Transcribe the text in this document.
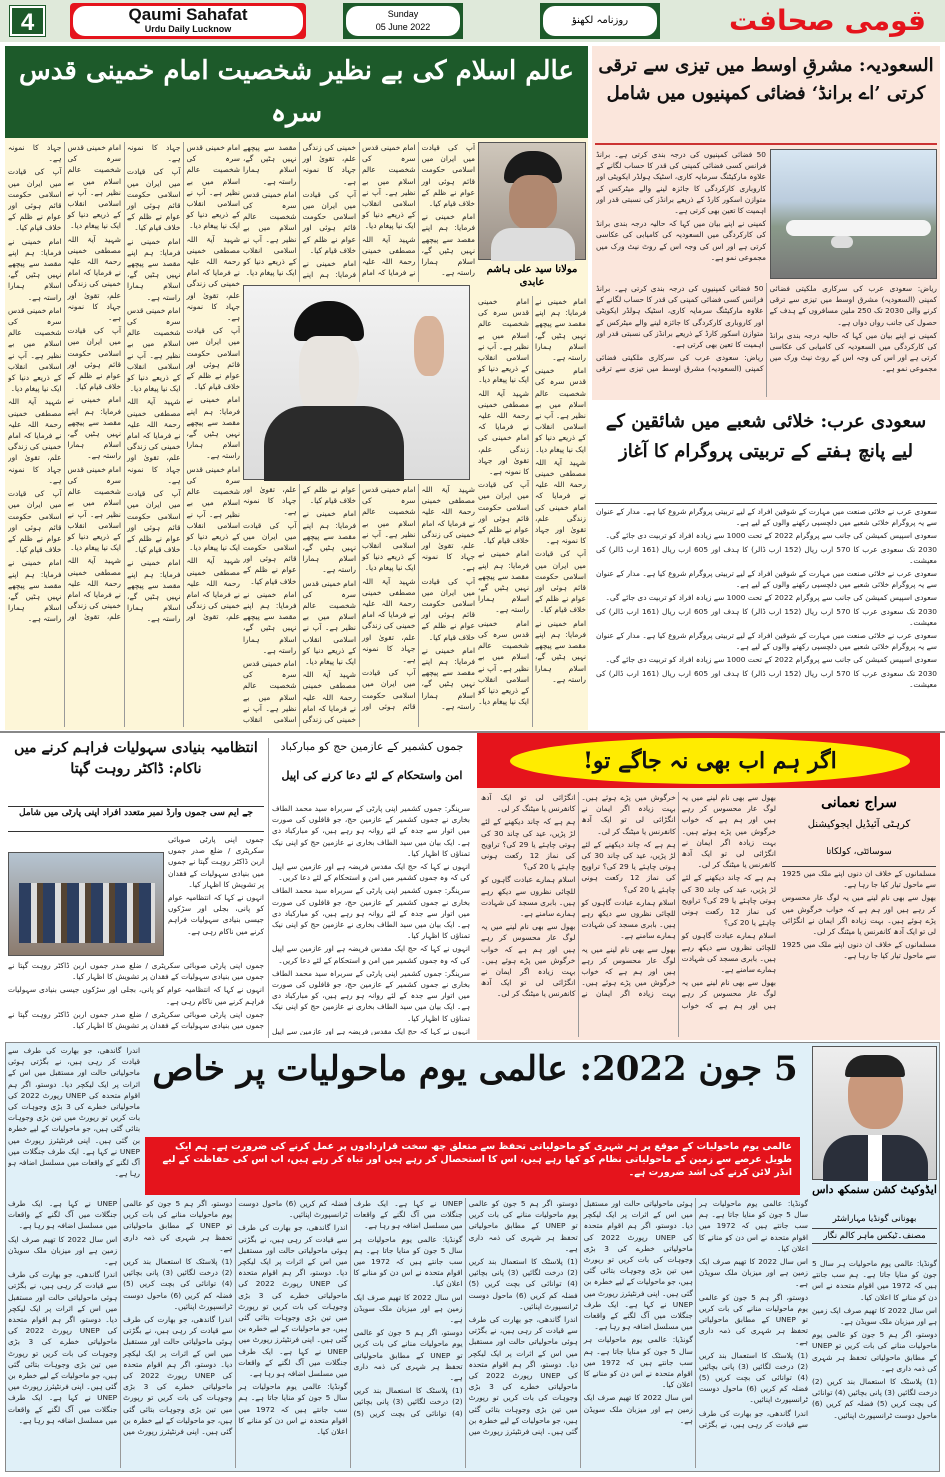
4	Qaumi Sahafat
Urdu Daily Lucknow
Sunday
05 June 2022
روزنامہ لکھنؤ	قومی صحافت
عالم اسلام کی بے نظیر شخصیت امام خمینی قدس سرہ
مولانا سید علی ہاشم عابدی

امام خمینی قدس سرہ کی شخصیت عالم اسلام میں بے نظیر ہے۔ آپ نے اسلامی انقلاب کے ذریعے دنیا کو ایک نیا پیغام دیا۔

شہید آیۃ اللہ مصطفی خمینی رحمۃ اللہ علیہ نے فرمایا کہ امام خمینی کی زندگی علم، تقویٰ اور جہاد کا نمونہ ہے۔

آپ کی قیادت میں ایران میں اسلامی حکومت قائم ہوئی اور عوام نے ظلم کے خلاف قیام کیا۔

امام خمینی نے فرمایا: ہم اپنے مقصد سے پیچھے نہیں ہٹیں گے، اسلام ہمارا راستہ ہے۔

امام خمینی قدس سرہ کی شخصیت عالم اسلام میں بے نظیر ہے۔ آپ نے اسلامی انقلاب کے ذریعے دنیا کو ایک نیا پیغام دیا۔

شہید آیۃ اللہ مصطفی خمینی رحمۃ اللہ علیہ نے فرمایا کہ امام خمینی کی زندگی علم، تقویٰ اور جہاد کا نمونہ ہے۔

آپ کی قیادت میں ایران میں اسلامی حکومت قائم ہوئی اور عوام نے ظلم کے خلاف قیام کیا۔

امام خمینی نے فرمایا: ہم اپنے مقصد سے پیچھے نہیں ہٹیں گے، اسلام ہمارا راستہ ہے۔

امام خمینی قدس سرہ کی شخصیت عالم اسلام میں بے نظیر ہے۔ آپ نے اسلامی انقلاب کے ذریعے دنیا کو ایک نیا پیغام دیا۔

شہید آیۃ اللہ مصطفی خمینی رحمۃ اللہ علیہ نے فرمایا کہ امام خمینی کی زندگی علم، تقویٰ اور جہاد کا نمونہ ہے۔

آپ کی قیادت میں ایران میں اسلامی حکومت قائم ہوئی اور عوام نے ظلم کے خلاف قیام کیا۔

امام خمینی نے فرمایا: ہم اپنے مقصد سے پیچھے نہیں ہٹیں گے، اسلام ہمارا راستہ ہے۔

امام خمینی قدس سرہ کی شخصیت عالم اسلام میں بے نظیر ہے۔ آپ نے اسلامی انقلاب کے ذریعے دنیا کو ایک نیا پیغام دیا۔

شہید آیۃ اللہ مصطفی خمینی رحمۃ اللہ علیہ نے فرمایا کہ امام خمینی کی زندگی علم، تقویٰ اور جہاد کا نمونہ ہے۔

آپ کی قیادت میں ایران میں اسلامی حکومت قائم ہوئی اور عوام نے ظلم کے خلاف قیام کیا۔

امام خمینی نے فرمایا: ہم اپنے مقصد سے پیچھے نہیں ہٹیں گے، اسلام ہمارا راستہ ہے۔

امام خمینی قدس سرہ کی شخصیت عالم اسلام میں بے نظیر ہے۔ آپ نے اسلامی انقلاب کے ذریعے دنیا کو ایک نیا پیغام دیا۔

شہید آیۃ اللہ مصطفی خمینی رحمۃ اللہ علیہ نے فرمایا کہ امام خمینی کی زندگی علم، تقویٰ اور جہاد کا نمونہ ہے۔

آپ کی قیادت میں ایران میں اسلامی حکومت قائم ہوئی اور عوام نے ظلم کے خلاف قیام کیا۔

امام خمینی نے فرمایا: ہم اپنے مقصد سے پیچھے نہیں ہٹیں گے، اسلام ہمارا راستہ ہے۔

امام خمینی قدس سرہ کی شخصیت عالم اسلام میں بے نظیر ہے۔ آپ نے اسلامی انقلاب کے ذریعے دنیا کو ایک نیا پیغام دیا۔

شہید آیۃ اللہ مصطفی خمینی رحمۃ اللہ علیہ نے فرمایا کہ امام خمینی کی زندگی علم، تقویٰ اور جہاد کا نمونہ ہے۔

آپ کی قیادت میں ایران میں اسلامی حکومت قائم ہوئی اور عوام نے ظلم کے خلاف قیام کیا۔

امام خمینی نے فرمایا: ہم اپنے مقصد سے پیچھے نہیں ہٹیں گے، اسلام ہمارا راستہ ہے۔

آپ کی قیادت میں ایران میں اسلامی حکومت قائم ہوئی اور عوام نے ظلم کے خلاف قیام کیا۔

امام خمینی نے فرمایا: ہم اپنے مقصد سے پیچھے نہیں ہٹیں گے، اسلام ہمارا راستہ ہے۔

امام خمینی قدس سرہ کی شخصیت عالم اسلام میں بے نظیر ہے۔ آپ نے اسلامی انقلاب کے ذریعے دنیا کو ایک نیا پیغام دیا۔

شہید آیۃ اللہ مصطفی خمینی رحمۃ اللہ علیہ نے فرمایا کہ امام خمینی کی زندگی علم، تقویٰ اور جہاد کا نمونہ ہے۔

آپ کی قیادت میں ایران میں اسلامی حکومت قائم ہوئی اور عوام نے ظلم کے خلاف قیام کیا۔

امام خمینی نے فرمایا: ہم اپنے مقصد سے پیچھے نہیں ہٹیں گے، اسلام ہمارا راستہ ہے۔

امام خمینی قدس سرہ کی شخصیت عالم اسلام میں بے نظیر ہے۔ آپ نے اسلامی انقلاب کے ذریعے دنیا کو ایک نیا پیغام دیا۔

شہید آیۃ اللہ مصطفی خمینی رحمۃ اللہ علیہ نے فرمایا کہ امام خمینی کی زندگی علم، تقویٰ اور جہاد کا نمونہ ہے۔

آپ کی قیادت میں ایران میں اسلامی حکومت قائم ہوئی اور عوام نے ظلم کے خلاف قیام کیا۔

امام خمینی نے فرمایا: ہم اپنے مقصد سے پیچھے نہیں ہٹیں گے، اسلام ہمارا راستہ ہے۔

امام خمینی قدس سرہ کی شخصیت عالم اسلام میں بے نظیر ہے۔ آپ نے اسلامی انقلاب کے ذریعے دنیا کو ایک نیا پیغام دیا۔

شہید آیۃ اللہ مصطفی خمینی رحمۃ اللہ علیہ نے فرمایا کہ امام خمینی کی زندگی علم، تقویٰ اور جہاد کا نمونہ ہے۔

آپ کی قیادت میں ایران میں اسلامی حکومت قائم ہوئی اور عوام نے ظلم کے خلاف قیام کیا۔

امام خمینی نے فرمایا: ہم اپنے مقصد سے پیچھے نہیں ہٹیں گے، اسلام ہمارا راستہ ہے۔

امام خمینی قدس سرہ کی شخصیت عالم اسلام میں بے نظیر ہے۔ آپ نے اسلامی انقلاب کے ذریعے دنیا کو ایک نیا پیغام دیا۔

شہید آیۃ اللہ مصطفی خمینی رحمۃ اللہ علیہ نے فرمایا کہ امام خمینی کی زندگی علم، تقویٰ اور جہاد کا نمونہ ہے۔

آپ کی قیادت میں ایران میں اسلامی حکومت قائم ہوئی اور عوام نے ظلم کے خلاف قیام کیا۔

امام خمینی نے فرمایا: ہم اپنے مقصد سے پیچھے نہیں ہٹیں گے، اسلام ہمارا راستہ ہے۔

امام خمینی قدس سرہ کی شخصیت عالم اسلام میں بے نظیر ہے۔ آپ نے اسلامی انقلاب

امام خمینی نے فرمایا: ہم اپنے مقصد سے پیچھے نہیں ہٹیں گے، اسلام ہمارا راستہ ہے۔

امام خمینی قدس سرہ کی شخصیت عالم اسلام میں بے نظیر ہے۔ آپ نے اسلامی انقلاب کے ذریعے دنیا کو ایک نیا پیغام دیا۔

شہید آیۃ اللہ مصطفی خمینی رحمۃ اللہ علیہ نے فرمایا کہ امام خمینی کی زندگی علم، تقویٰ اور جہاد کا نمونہ ہے۔

آپ کی قیادت میں ایران میں اسلامی حکومت قائم ہوئی اور عوام نے ظلم کے خلاف قیام کیا۔

امام خمینی نے فرمایا: ہم اپنے مقصد سے پیچھے نہیں ہٹیں گے، اسلام ہمارا راستہ ہے۔

امام خمینی قدس سرہ کی شخصیت عالم اسلام میں بے نظیر ہے۔ آپ نے اسلامی انقلاب کے ذریعے دنیا کو ایک نیا پیغام دیا۔

شہید آیۃ اللہ مصطفی خمینی رحمۃ اللہ علیہ نے فرمایا کہ امام خمینی کی زندگی علم، تقویٰ اور جہاد کا نمونہ ہے۔

آپ کی قیادت میں ایران میں اسلامی حکومت قائم ہوئی اور عوام نے ظلم کے خلاف قیام کیا۔

امام خمینی نے فرمایا: ہم اپنے مقصد سے پیچھے نہیں ہٹیں گے، اسلام ہمارا راستہ ہے۔

امام خمینی قدس سرہ کی شخصیت عالم اسلام میں بے نظیر ہے۔ آپ نے اسلامی انقلاب کے ذریعے دنیا کو ایک نیا پیغام دیا۔

السعودیہ: مشرقِ اوسط میں تیزی سے ترقی کرتی ’اے برانڈ‘ فضائی کمپنیوں میں شامل

50 فضائی کمپنیوں کی درجہ بندی کرتی ہے۔ برانڈ فرانس کسی فضائی کمپنی کی قدر کا حساب لگانے کے علاوہ مارکیٹنگ سرمایہ کاری، اسٹیک ہولڈر ایکویٹی اور کاروباری کارکردگی کا جائزہ لینے والے میٹرکس کے متوازن اسکور کارڈ کے ذریعے برانڈز کی نسبتی قدر اور اہمیت کا تعین بھی کرتی ہے۔

کمپنی نے اپنے بیان میں کہا کہ حالیہ درجہ بندی برانڈ کی کارکردگی میں السعودیہ کی کامیابی کی عکاسی کرتی ہے اور اس کی وجہ اس کے روٹ نیٹ ورک میں مجموعی نمو ہے۔

ریاض: سعودی عرب کی سرکاری ملکیتی فضائی کمپنی (السعودیہ) مشرق اوسط میں تیزی سے ترقی کرنے والی 2030 تک 250 ملین مسافروں کے ہدف کے حصول کی جانب رواں دواں ہے۔

کمپنی نے اپنے بیان میں کہا کہ حالیہ درجہ بندی برانڈ کی کارکردگی میں السعودیہ کی کامیابی کی عکاسی کرتی ہے اور اس کی وجہ اس کے روٹ نیٹ ورک میں مجموعی نمو ہے۔

50 فضائی کمپنیوں کی درجہ بندی کرتی ہے۔ برانڈ فرانس کسی فضائی کمپنی کی قدر کا حساب لگانے کے علاوہ مارکیٹنگ سرمایہ کاری، اسٹیک ہولڈر ایکویٹی اور کاروباری کارکردگی کا جائزہ لینے والے میٹرکس کے متوازن اسکور کارڈ کے ذریعے برانڈز کی نسبتی قدر اور اہمیت کا تعین بھی کرتی ہے۔

ریاض: سعودی عرب کی سرکاری ملکیتی فضائی کمپنی (السعودیہ) مشرق اوسط میں تیزی سے ترقی

سعودی عرب: خلائی شعبے میں شائقین کے لیے پانچ ہفتے کے تربیتی پروگرام کا آغاز

سعودی عرب نے خلائی صنعت میں مہارت کے شوقین افراد کے لیے تربیتی پروگرام شروع کیا ہے۔ مدار کے عنوان سے یہ پروگرام خلائی شعبے میں دلچسپی رکھنے والوں کے لیے ہے۔

سعودی اسپیس کمیشن کی جانب سے پروگرام 2022 کے تحت 1000 سے زیادہ افراد کو تربیت دی جائے گی۔

2030 تک سعودی عرب کا 570 ارب ریال (152 ارب ڈالر) کا ہدف اور 605 ارب ریال (161 ارب ڈالر) کی معیشت۔

سعودی عرب نے خلائی صنعت میں مہارت کے شوقین افراد کے لیے تربیتی پروگرام شروع کیا ہے۔ مدار کے عنوان سے یہ پروگرام خلائی شعبے میں دلچسپی رکھنے والوں کے لیے ہے۔

سعودی اسپیس کمیشن کی جانب سے پروگرام 2022 کے تحت 1000 سے زیادہ افراد کو تربیت دی جائے گی۔

2030 تک سعودی عرب کا 570 ارب ریال (152 ارب ڈالر) کا ہدف اور 605 ارب ریال (161 ارب ڈالر) کی معیشت۔

سعودی عرب نے خلائی صنعت میں مہارت کے شوقین افراد کے لیے تربیتی پروگرام شروع کیا ہے۔ مدار کے عنوان سے یہ پروگرام خلائی شعبے میں دلچسپی رکھنے والوں کے لیے ہے۔

سعودی اسپیس کمیشن کی جانب سے پروگرام 2022 کے تحت 1000 سے زیادہ افراد کو تربیت دی جائے گی۔

2030 تک سعودی عرب کا 570 ارب ریال (152 ارب ڈالر) کا ہدف اور 605 ارب ریال (161 ارب ڈالر) کی معیشت۔

جموں کشمیر کے عازمین حج کو مبارکباد
امن واستحکام کے لئے دعا کرنے کی اپیل

سرینگر: جموں کشمیر اپنی پارٹی کے سربراہ سید محمد الطاف بخاری نے جموں کشمیر کے عازمین حج، جو قافلوں کی صورت میں اتوار سے جدہ کے لئے روانہ ہو رہے ہیں، کو مبارکباد دی ہے۔ ایک بیان میں سید الطاف بخاری نے عازمین حج کو اپنی نیک تمناؤں کا اظہار کیا۔

انہوں نے کہا کہ حج ایک مقدس فریضہ ہے اور عازمین سے اپیل کی کہ وہ جموں کشمیر میں امن و استحکام کے لئے دعا کریں۔

سرینگر: جموں کشمیر اپنی پارٹی کے سربراہ سید محمد الطاف بخاری نے جموں کشمیر کے عازمین حج، جو قافلوں کی صورت میں اتوار سے جدہ کے لئے روانہ ہو رہے ہیں، کو مبارکباد دی ہے۔ ایک بیان میں سید الطاف بخاری نے عازمین حج کو اپنی نیک تمناؤں کا اظہار کیا۔

انہوں نے کہا کہ حج ایک مقدس فریضہ ہے اور عازمین سے اپیل کی کہ وہ جموں کشمیر میں امن و استحکام کے لئے دعا کریں۔

سرینگر: جموں کشمیر اپنی پارٹی کے سربراہ سید محمد الطاف بخاری نے جموں کشمیر کے عازمین حج، جو قافلوں کی صورت میں اتوار سے جدہ کے لئے روانہ ہو رہے ہیں، کو مبارکباد دی ہے۔ ایک بیان میں سید الطاف بخاری نے عازمین حج کو اپنی نیک تمناؤں کا اظہار کیا۔

انہوں نے کہا کہ حج ایک مقدس فریضہ ہے اور عازمین سے اپیل

انتظامیہ بنیادی سہولیات فراہم کرنے میں ناکام: ڈاکٹر روہت گپتا
جے ایم سی جموں وارڈ نمبر متعدد افراد اپنی پارٹی میں شامل

جموں اپنی پارٹی صوبائی سکریٹری / ضلع صدر جموں اربن ڈاکٹر روہت گپتا نے جموں میں بنیادی سہولیات کے فقدان پر تشویش کا اظہار کیا۔

انہوں نے کہا کہ انتظامیہ عوام کو پانی، بجلی اور سڑکوں جیسی بنیادی سہولیات فراہم کرنے میں ناکام رہی ہے۔

جموں اپنی پارٹی صوبائی سکریٹری / ضلع صدر جموں اربن ڈاکٹر روہت گپتا نے جموں میں بنیادی سہولیات کے فقدان پر تشویش کا اظہار کیا۔

انہوں نے کہا کہ انتظامیہ عوام کو پانی، بجلی اور سڑکوں جیسی بنیادی سہولیات فراہم کرنے میں ناکام رہی ہے۔

جموں اپنی پارٹی صوبائی سکریٹری / ضلع صدر جموں اربن ڈاکٹر روہت گپتا نے جموں میں بنیادی سہولیات کے فقدان پر تشویش کا اظہار کیا۔

اگر ہم اب بھی نہ جاگے تو!
سراج نعمانی
کرہٹی آئیڈیل ایجوکیشنل
سوسائٹی، کولکاتا

مسلمانوں کے خلاف ان دنوں اپنے ملک میں 1925 سے ماحول تیار کیا جا رہا ہے۔

بھول سے بھی نام لینے میں یہ لوگ عار محسوس کر رہے ہیں اور ہم ہے کہ خواب خرگوش میں پڑے ہوئے ہیں۔ بہت زیادہ اگر ایمان نے انگڑائی لی تو ایک آدھ کانفرنس یا میٹنگ کر لی۔

مسلمانوں کے خلاف ان دنوں اپنے ملک میں 1925 سے ماحول تیار کیا جا رہا ہے۔

بھول سے بھی نام لینے میں یہ لوگ عار محسوس کر رہے ہیں اور ہم ہے کہ خواب خرگوش میں پڑے ہوئے ہیں۔ بہت زیادہ اگر ایمان نے انگڑائی لی تو ایک آدھ کانفرنس یا میٹنگ کر لی۔

ہم ہے کہ چاند دیکھنے کے لئے لڑ پڑیں، عید کی چاند 30 کی ہوتی چاہئے یا 29 کی؟ تراویح کی نماز 12 رکعت ہونی چاہئے یا 20 کی؟

اسلام ہمارے عبادت گاہوں کو للچائی نظروں سے دیکھ رہے ہیں۔ بابری مسجد کی شہادت ہمارے سامنے ہے۔

بھول سے بھی نام لینے میں یہ لوگ عار محسوس کر رہے ہیں اور ہم ہے کہ خواب خرگوش میں پڑے ہوئے ہیں۔ بہت زیادہ اگر ایمان نے انگڑائی لی تو ایک آدھ کانفرنس یا میٹنگ کر لی۔

ہم ہے کہ چاند دیکھنے کے لئے لڑ پڑیں، عید کی چاند 30 کی ہوتی چاہئے یا 29 کی؟ تراویح کی نماز 12 رکعت ہونی چاہئے یا 20 کی؟

اسلام ہمارے عبادت گاہوں کو للچائی نظروں سے دیکھ رہے ہیں۔ بابری مسجد کی شہادت ہمارے سامنے ہے۔

بھول سے بھی نام لینے میں یہ لوگ عار محسوس کر رہے ہیں اور ہم ہے کہ خواب خرگوش میں پڑے ہوئے ہیں۔ بہت زیادہ اگر ایمان نے انگڑائی لی تو ایک آدھ کانفرنس یا میٹنگ کر لی۔

ہم ہے کہ چاند دیکھنے کے لئے لڑ پڑیں، عید کی چاند 30 کی ہوتی چاہئے یا 29 کی؟ تراویح کی نماز 12 رکعت ہونی چاہئے یا 20 کی؟

اسلام ہمارے عبادت گاہوں کو للچائی نظروں سے دیکھ رہے ہیں۔ بابری مسجد کی شہادت ہمارے سامنے ہے۔

بھول سے بھی نام لینے میں یہ لوگ عار محسوس کر رہے ہیں اور ہم ہے کہ خواب خرگوش میں پڑے ہوئے ہیں۔ بہت زیادہ اگر ایمان نے انگڑائی لی تو ایک آدھ کانفرنس یا میٹنگ کر لی۔

اندرا گاندھی، جو بھارت کی طرف سے قیادت کر رہی ہیں، نے بگڑتی ہوئی ماحولیاتی حالت اور مستقبل میں اس کے اثرات پر ایک لیکچر دیا۔ دوستو، اگر ہم اقوام متحدہ کی UNEP رپورٹ 2022 کی ماحولیاتی خطرے کی 3 بڑی وجوہات کی بات کریں تو رپورٹ میں تین بڑی وجوہات بتائی گئی ہیں، جو ماحولیات کے لیے خطرہ بن گئی ہیں۔ اپنی فرنٹیئرز رپورٹ میں UNEP نے کہا ہے۔ ایک طرف جنگلات میں آگ لگنے کے واقعات میں مسلسل اضافہ ہو رہا ہے۔

5 جون 2022: عالمی یوم ماحولیات پر خاص
عالمی یوم ماحولیات کے موقع پر ہر شہری کو ماحولیاتی تحفظ سے متعلق چھ سخت قراردادوں پر عمل کرنے کی ضرورت ہے۔ ہم ایک طویل عرصے سے زمین کے ماحولیاتی نظام کو کھا رہے ہیں، اس کا استحصال کر رہے ہیں اور تباہ کر رہے ہیں، اب اس کی حفاظت کے لیے انڈر لائن کرنے کی اشد ضرورت ہے۔
ایڈوکیٹ کشن سنمکھ داس
بھونانی گونڈیا مہاراشٹر
مصنف۔ٹیکس ماہر کالم نگار

گونڈیا: عالمی یوم ماحولیات ہر سال 5 جون کو منایا جاتا ہے۔ ہم سب جانتے ہیں کہ 1972 میں اقوام متحدہ نے اس دن کو منانے کا اعلان کیا۔

اس سال 2022 کا تھیم صرف ایک زمین ہے اور میزبان ملک سویڈن ہے۔

دوستو، اگر ہم 5 جون کو عالمی یوم ماحولیات منانے کی بات کریں تو UNEP کے مطابق ماحولیاتی تحفظ ہر شہری کی ذمہ داری ہے۔

(1) پلاسٹک کا استعمال بند کریں (2) درخت لگائیں (3) پانی بچائیں (4) توانائی کی بچت کریں (5) فضلہ کم کریں (6) ماحول دوست ٹرانسپورٹ اپنائیں۔

گونڈیا: عالمی یوم ماحولیات ہر سال 5 جون کو منایا جاتا ہے۔ ہم سب جانتے ہیں کہ 1972 میں اقوام متحدہ نے اس دن کو منانے کا اعلان کیا۔

اس سال 2022 کا تھیم صرف ایک زمین ہے اور میزبان ملک سویڈن ہے۔

دوستو، اگر ہم 5 جون کو عالمی یوم ماحولیات منانے کی بات کریں تو UNEP کے مطابق ماحولیاتی تحفظ ہر شہری کی ذمہ داری ہے۔

(1) پلاسٹک کا استعمال بند کریں (2) درخت لگائیں (3) پانی بچائیں (4) توانائی کی بچت کریں (5) فضلہ کم کریں (6) ماحول دوست ٹرانسپورٹ اپنائیں۔

اندرا گاندھی، جو بھارت کی طرف سے قیادت کر رہی ہیں، نے بگڑتی ہوئی ماحولیاتی حالت اور مستقبل میں اس کے اثرات پر ایک لیکچر دیا۔ دوستو، اگر ہم اقوام متحدہ کی UNEP رپورٹ 2022 کی ماحولیاتی خطرے کی 3 بڑی وجوہات کی بات کریں تو رپورٹ میں تین بڑی وجوہات بتائی گئی ہیں، جو ماحولیات کے لیے خطرہ بن گئی ہیں۔ اپنی فرنٹیئرز رپورٹ میں UNEP نے کہا ہے۔ ایک طرف جنگلات میں آگ لگنے کے واقعات میں مسلسل اضافہ ہو رہا ہے۔

گونڈیا: عالمی یوم ماحولیات ہر سال 5 جون کو منایا جاتا ہے۔ ہم سب جانتے ہیں کہ 1972 میں اقوام متحدہ نے اس دن کو منانے کا اعلان کیا۔

اس سال 2022 کا تھیم صرف ایک زمین ہے اور میزبان ملک سویڈن ہے۔

دوستو، اگر ہم 5 جون کو عالمی یوم ماحولیات منانے کی بات کریں تو UNEP کے مطابق ماحولیاتی تحفظ ہر شہری کی ذمہ داری ہے۔

(1) پلاسٹک کا استعمال بند کریں (2) درخت لگائیں (3) پانی بچائیں (4) توانائی کی بچت کریں (5) فضلہ کم کریں (6) ماحول دوست ٹرانسپورٹ اپنائیں۔

اندرا گاندھی، جو بھارت کی طرف سے قیادت کر رہی ہیں، نے بگڑتی ہوئی ماحولیاتی حالت اور مستقبل میں اس کے اثرات پر ایک لیکچر دیا۔ دوستو، اگر ہم اقوام متحدہ کی UNEP رپورٹ 2022 کی ماحولیاتی خطرے کی 3 بڑی وجوہات کی بات کریں تو رپورٹ میں تین بڑی وجوہات بتائی گئی ہیں، جو ماحولیات کے لیے خطرہ بن گئی ہیں۔ اپنی فرنٹیئرز رپورٹ میں UNEP نے کہا ہے۔ ایک طرف جنگلات میں آگ لگنے کے واقعات میں مسلسل اضافہ ہو رہا ہے۔

گونڈیا: عالمی یوم ماحولیات ہر سال 5 جون کو منایا جاتا ہے۔ ہم سب جانتے ہیں کہ 1972 میں اقوام متحدہ نے اس دن کو منانے کا اعلان کیا۔

اس سال 2022 کا تھیم صرف ایک زمین ہے اور میزبان ملک سویڈن ہے۔

دوستو، اگر ہم 5 جون کو عالمی یوم ماحولیات منانے کی بات کریں تو UNEP کے مطابق ماحولیاتی تحفظ ہر شہری کی ذمہ داری ہے۔

(1) پلاسٹک کا استعمال بند کریں (2) درخت لگائیں (3) پانی بچائیں (4) توانائی کی بچت کریں (5) فضلہ کم کریں (6) ماحول دوست ٹرانسپورٹ اپنائیں۔

اندرا گاندھی، جو بھارت کی طرف سے قیادت کر رہی ہیں، نے بگڑتی ہوئی ماحولیاتی حالت اور مستقبل میں اس کے اثرات پر ایک لیکچر دیا۔ دوستو، اگر ہم اقوام متحدہ کی UNEP رپورٹ 2022 کی ماحولیاتی خطرے کی 3 بڑی وجوہات کی بات کریں تو رپورٹ میں تین بڑی وجوہات بتائی گئی ہیں، جو ماحولیات کے لیے خطرہ بن گئی ہیں۔ اپنی فرنٹیئرز رپورٹ میں UNEP نے کہا ہے۔ ایک طرف جنگلات میں آگ لگنے کے واقعات میں مسلسل اضافہ ہو رہا ہے۔

گونڈیا: عالمی یوم ماحولیات ہر سال 5 جون کو منایا جاتا ہے۔ ہم سب جانتے ہیں کہ 1972 میں اقوام متحدہ نے اس دن کو منانے کا اعلان کیا۔

دوستو، اگر ہم 5 جون کو عالمی یوم ماحولیات منانے کی بات کریں تو UNEP کے مطابق ماحولیاتی تحفظ ہر شہری کی ذمہ داری ہے۔

(1) پلاسٹک کا استعمال بند کریں (2) درخت لگائیں (3) پانی بچائیں (4) توانائی کی بچت کریں (5) فضلہ کم کریں (6) ماحول دوست ٹرانسپورٹ اپنائیں۔

اندرا گاندھی، جو بھارت کی طرف سے قیادت کر رہی ہیں، نے بگڑتی ہوئی ماحولیاتی حالت اور مستقبل میں اس کے اثرات پر ایک لیکچر دیا۔ دوستو، اگر ہم اقوام متحدہ کی UNEP رپورٹ 2022 کی ماحولیاتی خطرے کی 3 بڑی وجوہات کی بات کریں تو رپورٹ میں تین بڑی وجوہات بتائی گئی ہیں، جو ماحولیات کے لیے خطرہ بن گئی ہیں۔ اپنی فرنٹیئرز رپورٹ میں UNEP نے کہا ہے۔ ایک طرف جنگلات میں آگ لگنے کے واقعات میں مسلسل اضافہ ہو رہا ہے۔

اس سال 2022 کا تھیم صرف ایک زمین ہے اور میزبان ملک سویڈن ہے۔

اندرا گاندھی، جو بھارت کی طرف سے قیادت کر رہی ہیں، نے بگڑتی ہوئی ماحولیاتی حالت اور مستقبل میں اس کے اثرات پر ایک لیکچر دیا۔ دوستو، اگر ہم اقوام متحدہ کی UNEP رپورٹ 2022 کی ماحولیاتی خطرے کی 3 بڑی وجوہات کی بات کریں تو رپورٹ میں تین بڑی وجوہات بتائی گئی ہیں، جو ماحولیات کے لیے خطرہ بن گئی ہیں۔ اپنی فرنٹیئرز رپورٹ میں UNEP نے کہا ہے۔ ایک طرف جنگلات میں آگ لگنے کے واقعات میں مسلسل اضافہ ہو رہا ہے۔
